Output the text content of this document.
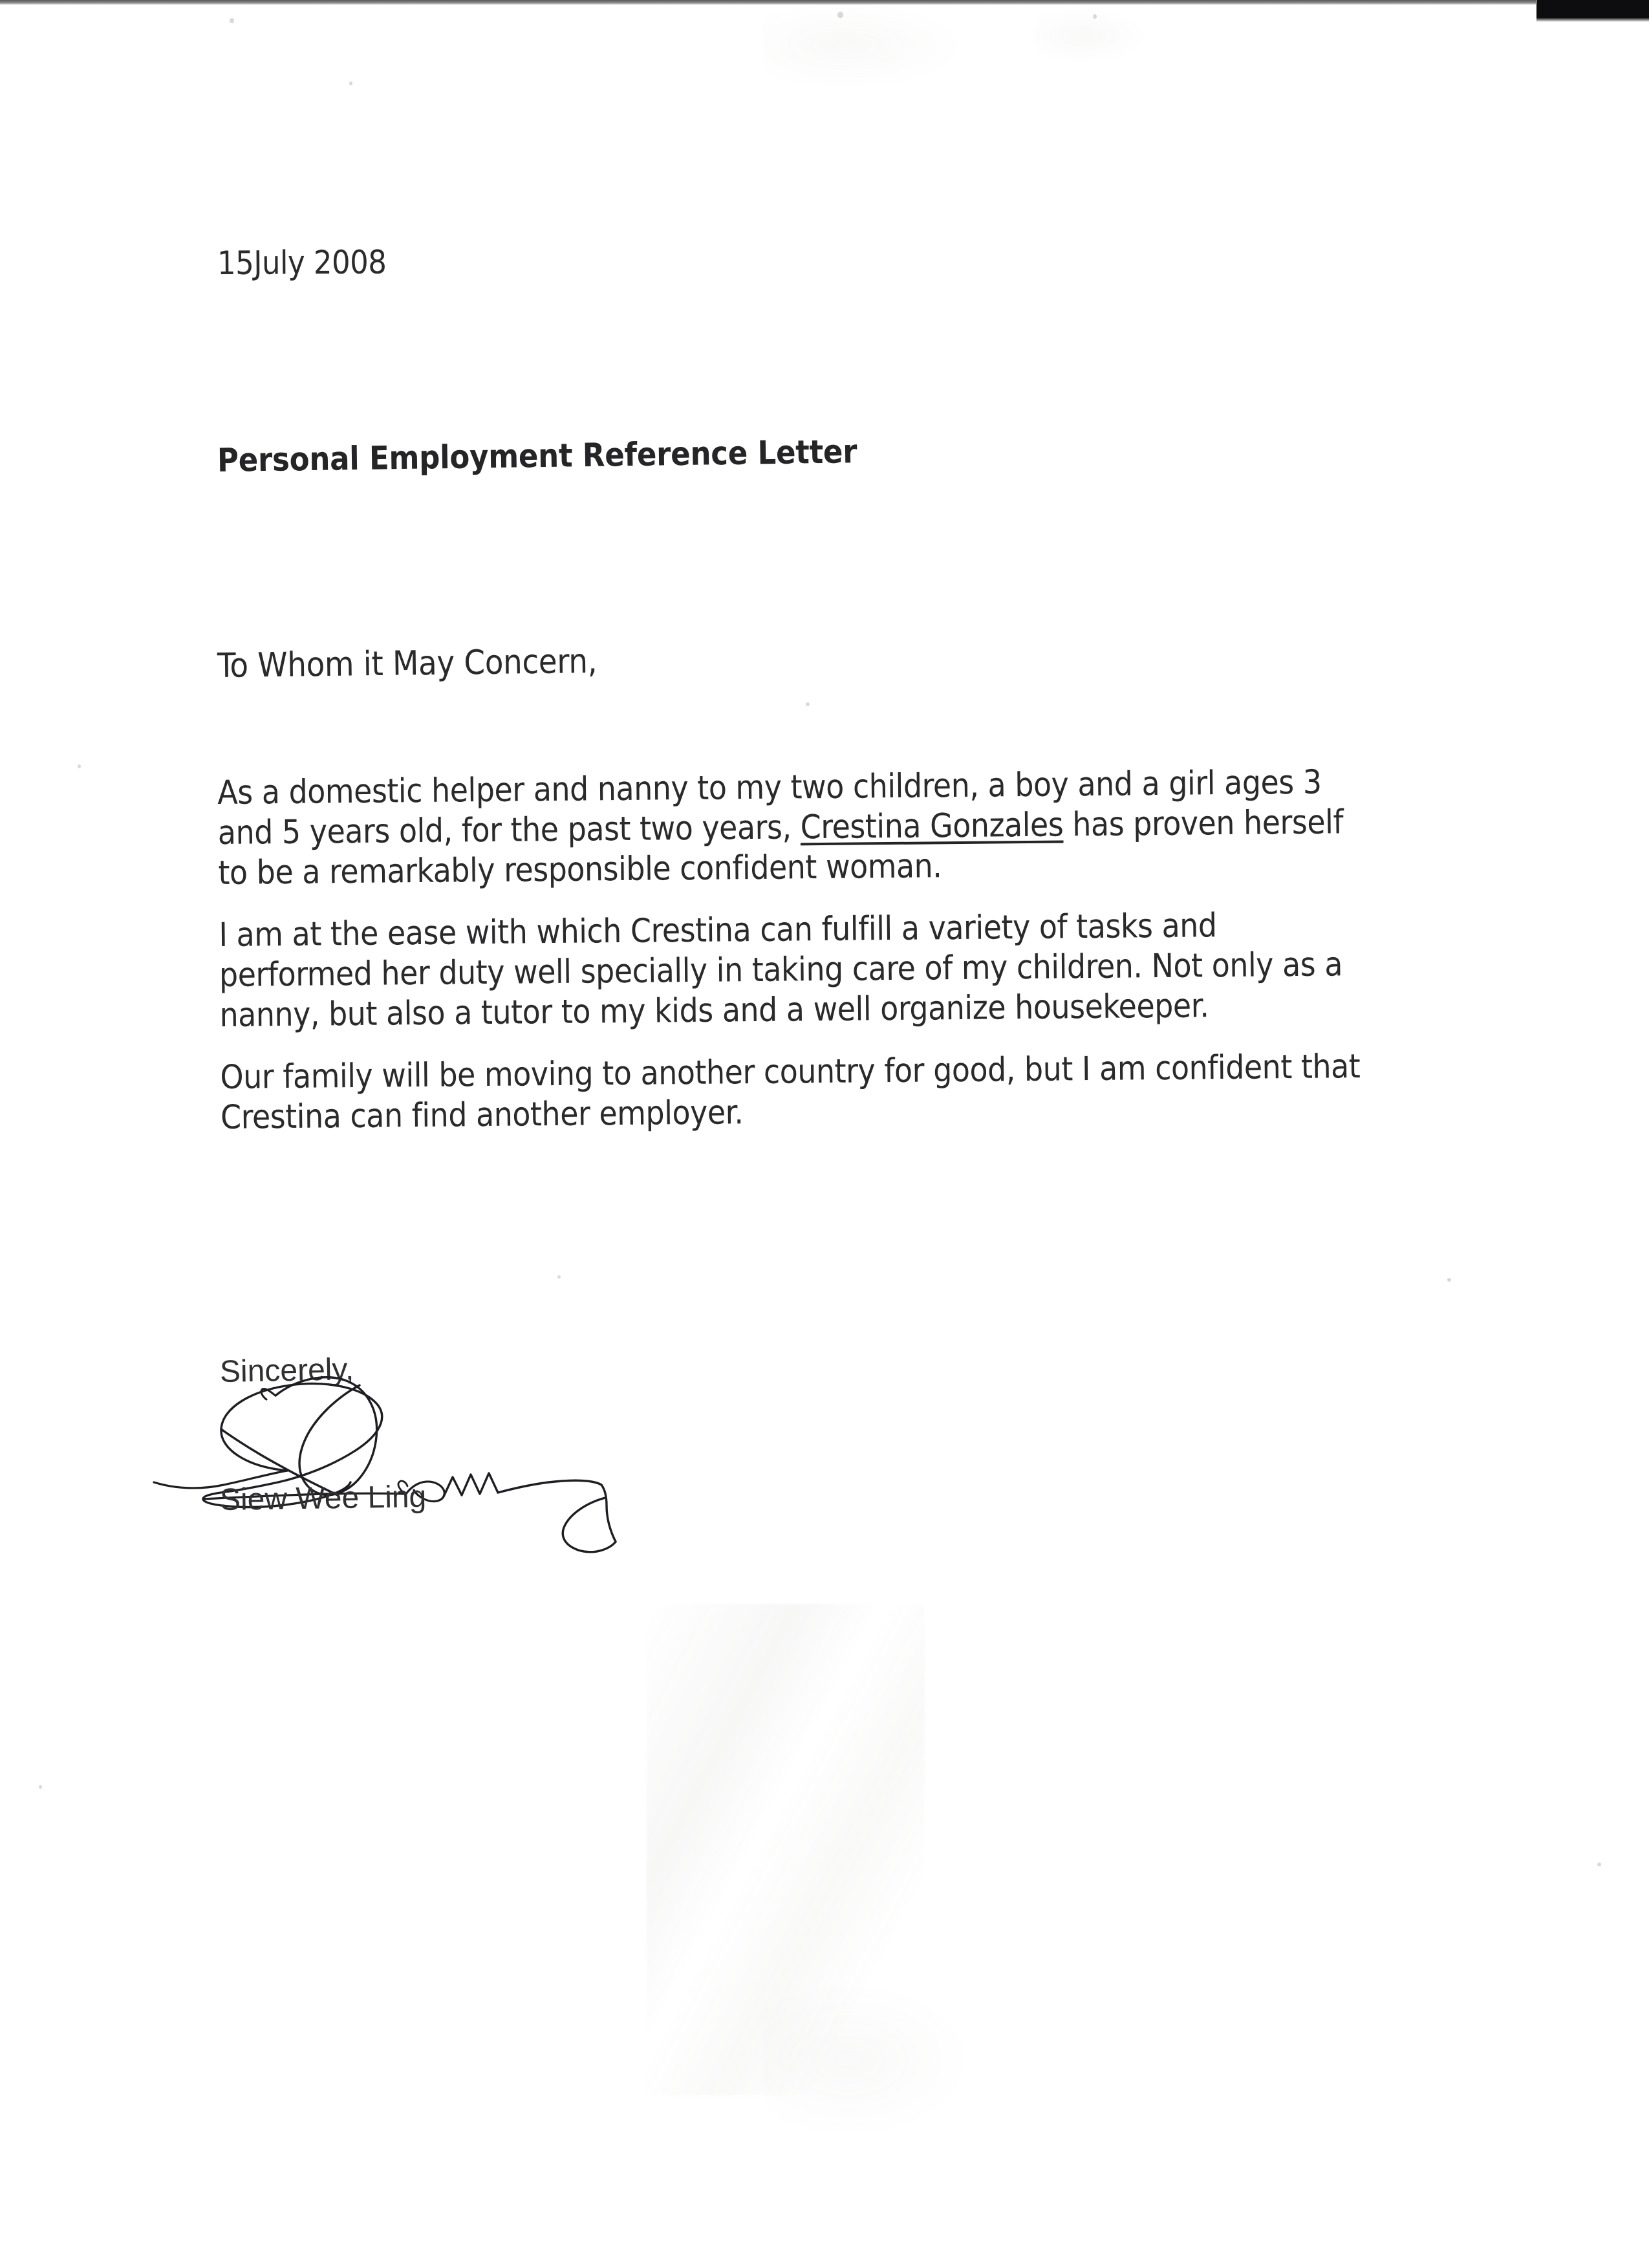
15July 2008
Personal Employment Reference Letter
To Whom it May Concern,

As a domestic helper and nanny to my two children, a boy and a girl ages 3 and 5 years old, for the past two years, Crestina Gonzales has proven herself to be a remarkably responsible confident woman.

I am at the ease with which Crestina can fulfill a variety of tasks and performed her duty well specially in taking care of my children. Not only as a nanny, but also a tutor to my kids and a well organize housekeeper.

Our family will be moving to another country for good, but I am confident that Crestina can find another employer.

Sincerely,
Siew Wee Ling
